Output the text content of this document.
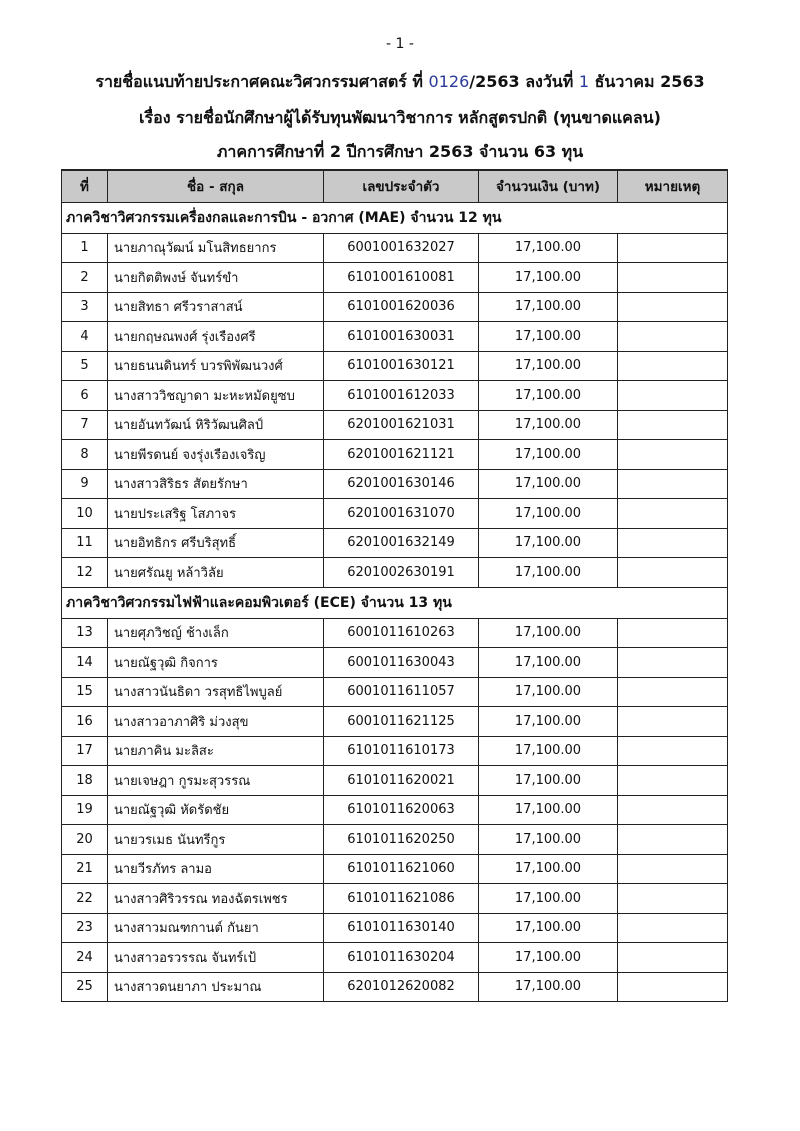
- 1 -
รายชื่อแนบท้ายประกาศคณะวิศวกรรมศาสตร์ ที่ 0126/2563 ลงวันที่ 1 ธันวาคม 2563
เรื่อง รายชื่อนักศึกษาผู้ได้รับทุนพัฒนาวิชาการ หลักสูตรปกติ (ทุนขาดแคลน)
ภาคการศึกษาที่ 2 ปีการศึกษา 2563 จำนวน 63 ทุน
ที่	ชื่อ - สกุล	เลขประจำตัว	จำนวนเงิน (บาท)	หมายเหตุ
ภาควิชาวิศวกรรมเครื่องกลและการบิน - อวกาศ (MAE) จำนวน 12 ทุน				
1	นายภาณุวัฒน์ มโนสิทธยากร	6001001632027	17,100.00	
2	นายกิตติพงษ์ จันทร์ขำ	6101001610081	17,100.00	
3	นายสิทธา ศรีวราสาสน์	6101001620036	17,100.00	
4	นายกฤษณพงศ์ รุ่งเรืองศรี	6101001630031	17,100.00	
5	นายธนนดินทร์ บวรพิพัฒนวงศ์	6101001630121	17,100.00	
6	นางสาววิชญาดา มะหะหมัดยูซบ	6101001612033	17,100.00	
7	นายอันทวัฒน์ หิริวัฒนศิลป์	6201001621031	17,100.00	
8	นายพีรดนย์ จงรุ่งเรืองเจริญ	6201001621121	17,100.00	
9	นางสาวสิริธร สัตยรักษา	6201001630146	17,100.00	
10	นายประเสริฐ โสภาจร	6201001631070	17,100.00	
11	นายอิทธิกร ศรีบริสุทธิ์	6201001632149	17,100.00	
12	นายศรัณยู หล้าวิลัย	6201002630191	17,100.00	
ภาควิชาวิศวกรรมไฟฟ้าและคอมพิวเตอร์ (ECE) จำนวน 13 ทุน				
13	นายศุภวิชญ์ ช้างเล็ก	6001011610263	17,100.00	
14	นายณัฐวุฒิ กิจการ	6001011630043	17,100.00	
15	นางสาวนันธิดา วรสุทธิไพบูลย์	6001011611057	17,100.00	
16	นางสาวอาภาศิริ ม่วงสุข	6001011621125	17,100.00	
17	นายภาคิน มะลิสะ	6101011610173	17,100.00	
18	นายเจษฎา กูรมะสุวรรณ	6101011620021	17,100.00	
19	นายณัฐวุฒิ หัดรัดชัย	6101011620063	17,100.00	
20	นายวรเมธ นันทรีกูร	6101011620250	17,100.00	
21	นายวีรภัทร ลามอ	6101011621060	17,100.00	
22	นางสาวศิริวรรณ ทองฉัตรเพชร	6101011621086	17,100.00	
23	นางสาวมณฑกานต์ กันยา	6101011630140	17,100.00	
24	นางสาวอรวรรณ จันทร์เป้	6101011630204	17,100.00	
25	นางสาวดนยาภา ประมาณ	6201012620082	17,100.00	
